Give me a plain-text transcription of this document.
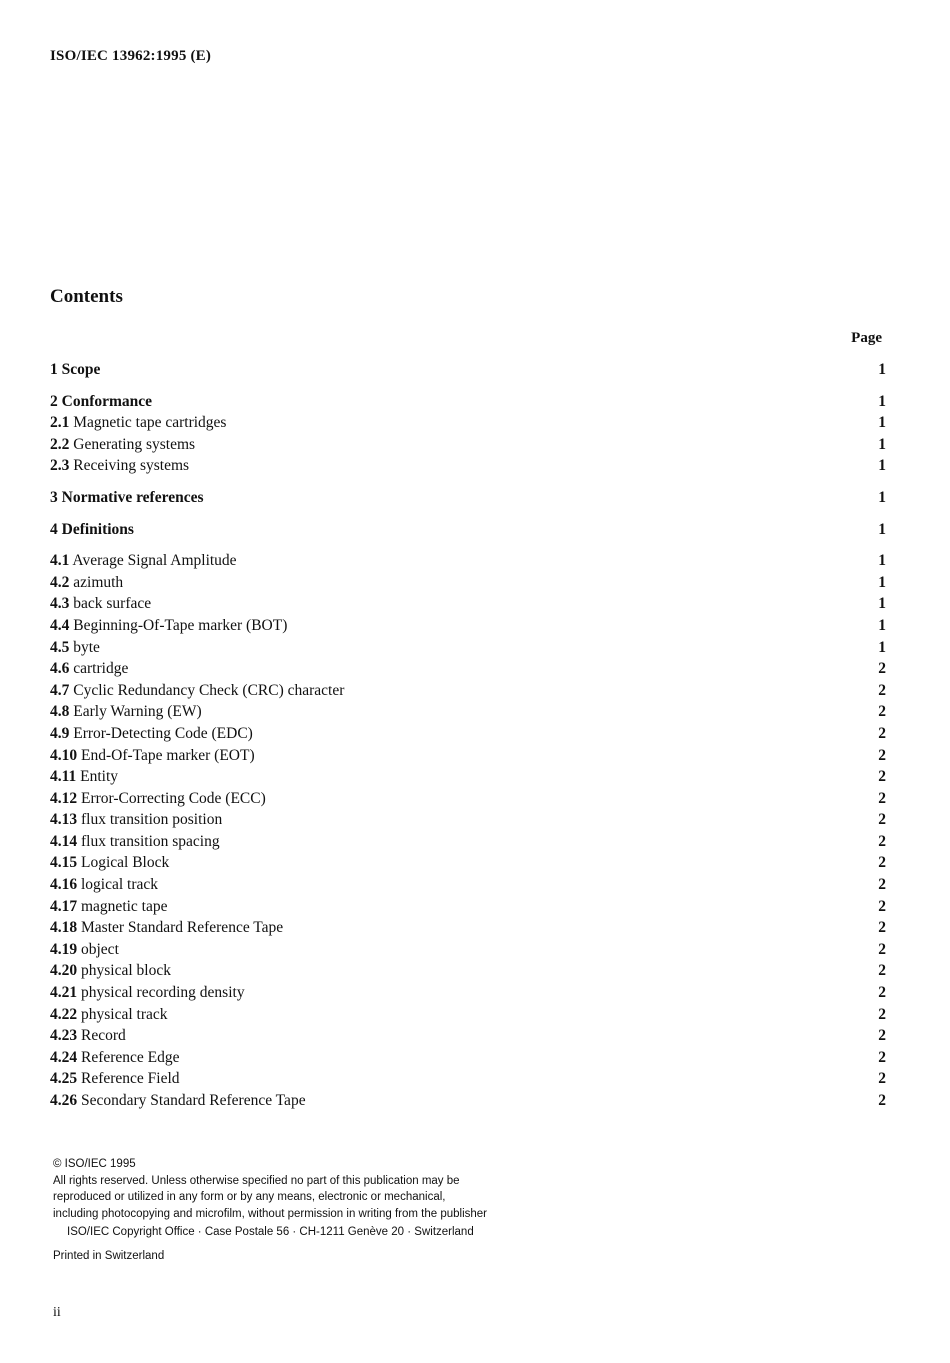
ISO/IEC 13962:1995 (E)
Contents
Page
1 Scope	1
2 Conformance	1
2.1 Magnetic tape cartridges	1
2.2 Generating systems	1
2.3 Receiving systems	1
3 Normative references	1
4 Definitions	1
4.1 Average Signal Amplitude	1
4.2 azimuth	1
4.3 back surface	1
4.4 Beginning-Of-Tape marker (BOT)	1
4.5 byte	1
4.6 cartridge	2
4.7 Cyclic Redundancy Check (CRC) character	2
4.8 Early Warning (EW)	2
4.9 Error-Detecting Code (EDC)	2
4.10 End-Of-Tape marker (EOT)	2
4.11 Entity	2
4.12 Error-Correcting Code (ECC)	2
4.13 flux transition position	2
4.14 flux transition spacing	2
4.15 Logical Block	2
4.16 logical track	2
4.17 magnetic tape	2
4.18 Master Standard Reference Tape	2
4.19 object	2
4.20 physical block	2
4.21 physical recording density	2
4.22 physical track	2
4.23 Record	2
4.24 Reference Edge	2
4.25 Reference Field	2
4.26 Secondary Standard Reference Tape	2
© ISO/IEC 1995
All rights reserved. Unless otherwise specified no part of this publication may be
reproduced or utilized in any form or by any means, electronic or mechanical,
including photocopying and microfilm, without permission in writing from the publisher
ISO/IEC Copyright Office · Case Postale 56 · CH-1211 Genève 20 · Switzerland
Printed in Switzerland
ii
